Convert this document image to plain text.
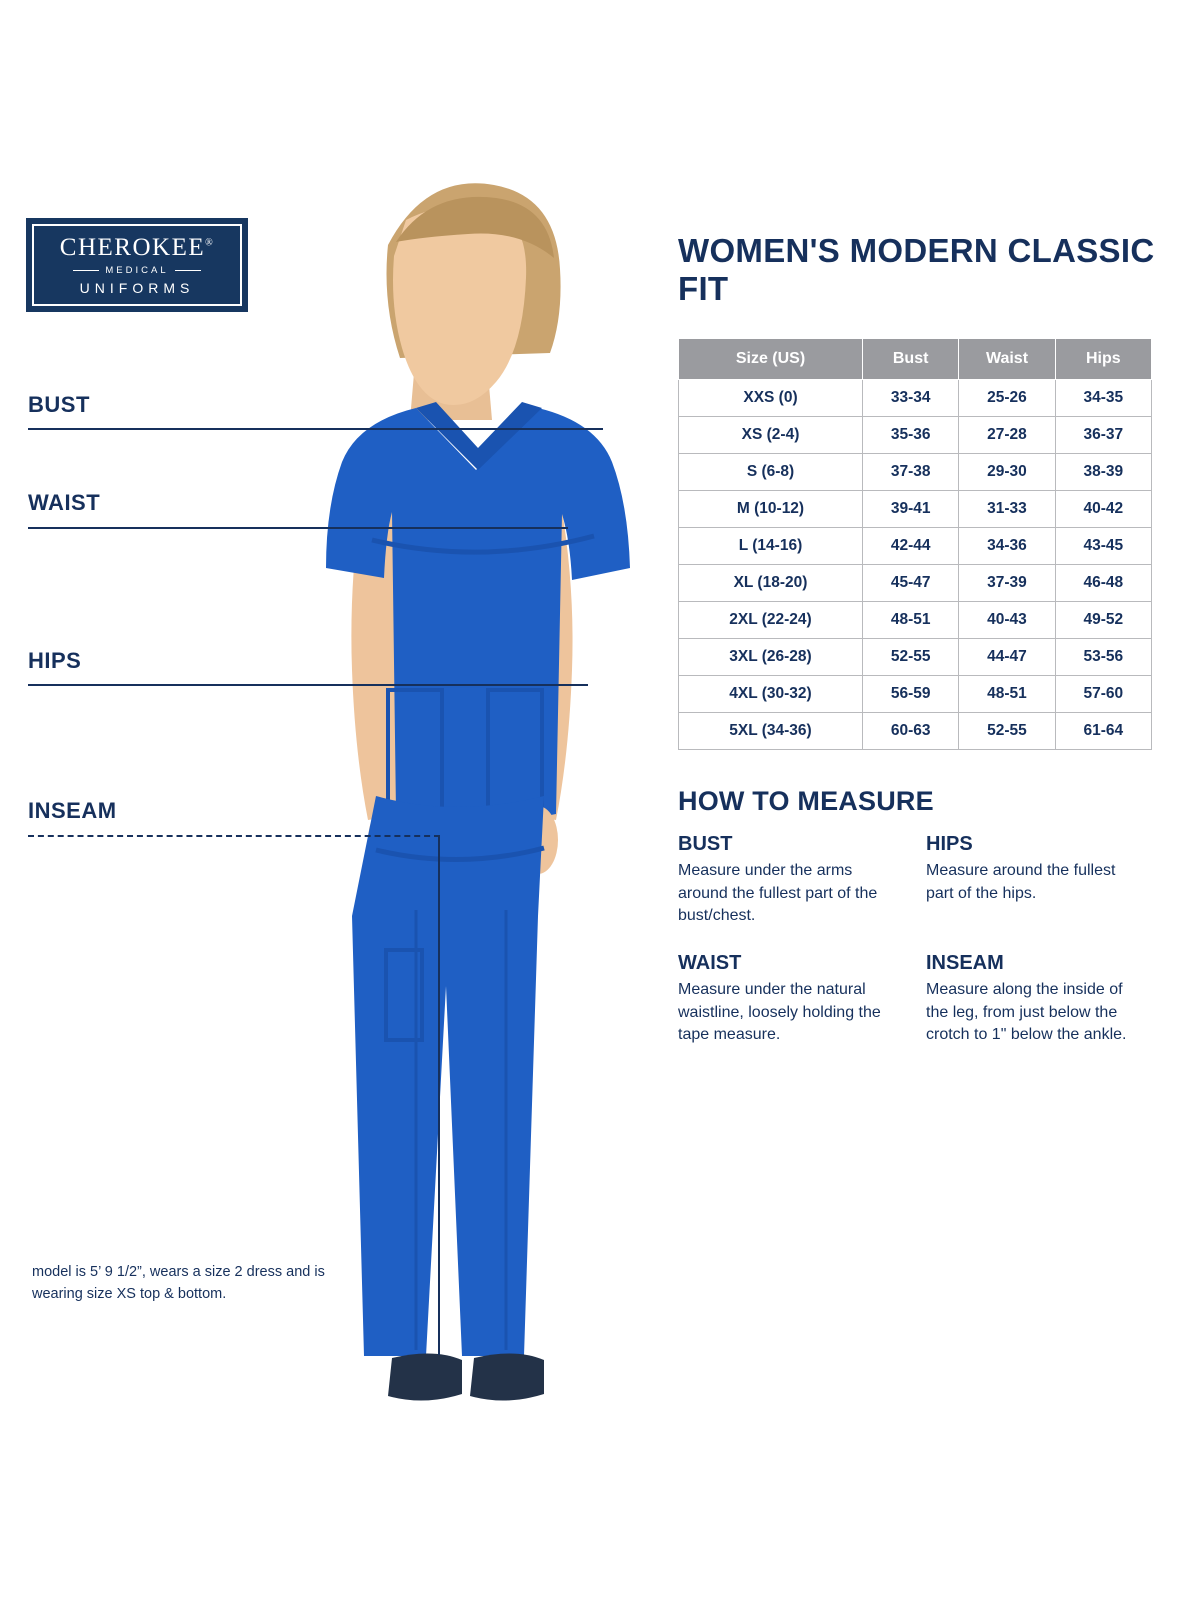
CHEROKEE®
MEDICAL
UNIFORMS
BUST
WAIST
HIPS
INSEAM
model is 5’ 9 1/2”, wears a size 2 dress and is wearing size XS top & bottom.
WOMEN'S MODERN CLASSIC FIT
Size (US)	Bust	Waist	Hips
XXS (0)	33-34	25-26	34-35
XS (2-4)	35-36	27-28	36-37
S (6-8)	37-38	29-30	38-39
M (10-12)	39-41	31-33	40-42
L (14-16)	42-44	34-36	43-45
XL (18-20)	45-47	37-39	46-48
2XL (22-24)	48-51	40-43	49-52
3XL (26-28)	52-55	44-47	53-56
4XL (30-32)	56-59	48-51	57-60
5XL (34-36)	60-63	52-55	61-64
HOW TO MEASURE
BUST
Measure under the arms around the fullest part of the bust/chest.
HIPS
Measure around the fullest part of the hips.
WAIST
Measure under the natural waistline, loosely holding the tape measure.
INSEAM
Measure along the inside of the leg, from just below the crotch to 1" below the ankle.
